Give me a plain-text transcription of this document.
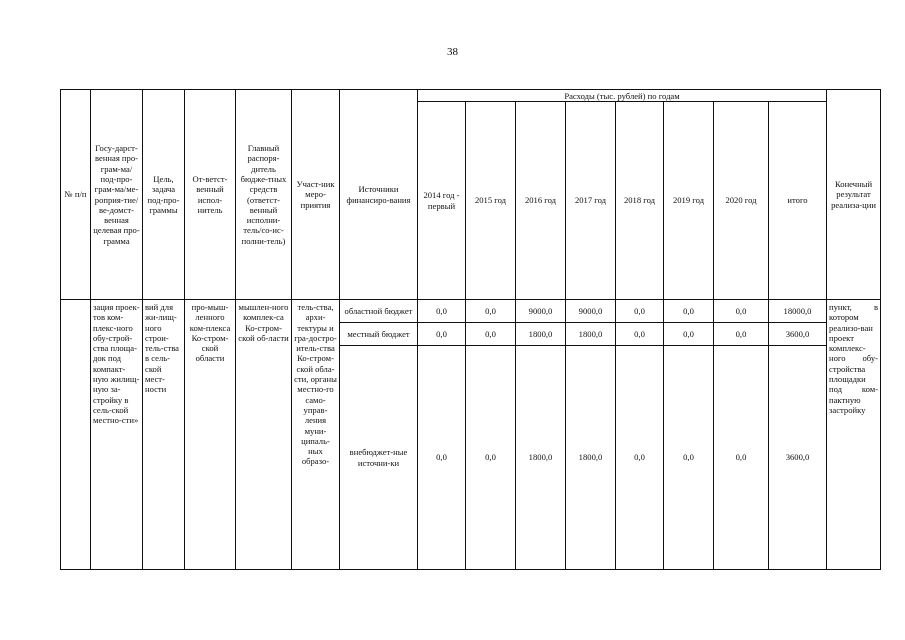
38
№ п/п	Госу-дарст-венная про-грам-ма/под-про-грам-ма/ме-роприя-тие/ве-домст-венная целевая про-грамма	Цель, задача под-про-граммы	От-ветст-венный испол-нитель	Главный распоря-дитель бюдже-тных средств (ответст-венный исполни-тель/со-ис-полни-тель)	Участ-ник меро-приятия	Источники финансиро-вания	Расходы (тыс. рублей) по годам								Конечный результат реализа-ции
							2014 год - первый	2015 год	2016 год	2017 год	2018 год	2019 год	2020 год	итого	
	зация проек-тов ком-плекс-ного обу-строй-ства площа-док под компакт-ную жилищ-ную за-стройку в сель-ской местно-сти»	вий для жи-лищ-ного строи-тель-ства в сель-ской мест-ности	про-мыш-ленного ком-плекса Ко-стром-ской области	мышлен-ного комплек-са Ко-стром-ской об-ласти	тель-ства, архи-тектуры и гра-достро-итель-ства Ко-стром-ской обла-сти, органы местно-го само-управ-ления муни-ципаль-ных образо-	областной бюджет	0,0	0,0	9000,0	9000,0	0,0	0,0	0,0	18000,0	пункт, в котором реализо-ван проект комплекс-ного обу-стройства площадки под ком-пактную застройку
						местный бюджет	0,0	0,0	1800,0	1800,0	0,0	0,0	0,0	3600,0	
						внебюджет-ные источни-ки	0,0	0,0	1800,0	1800,0	0,0	0,0	0,0	3600,0	
